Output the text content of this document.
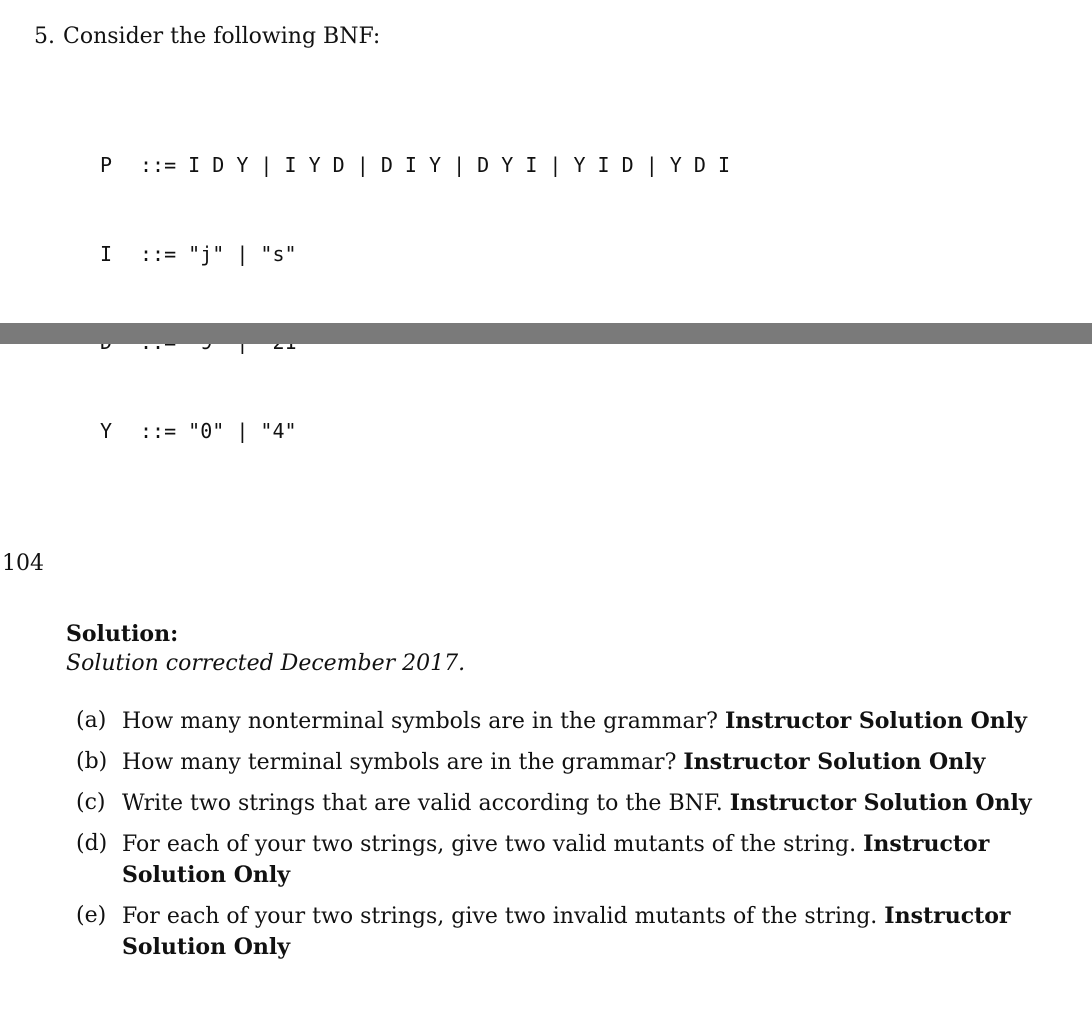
5. Consider the following BNF:

P ::= I D Y | I Y D | D I Y | D Y I | Y I D | Y D I

I ::= "j" | "s"

Y ::= "0" | "4"

104
Solution:
Solution corrected December 2017.
(a) How many nonterminal symbols are in the grammar? Instructor Solution Only
(b) How many terminal symbols are in the grammar? Instructor Solution Only
(c) Write two strings that are valid according to the BNF. Instructor Solution Only
(d) For each of your two strings, give two valid mutants of the string. Instructor Solution Only
(e) For each of your two strings, give two invalid mutants of the string. Instructor Solution Only
